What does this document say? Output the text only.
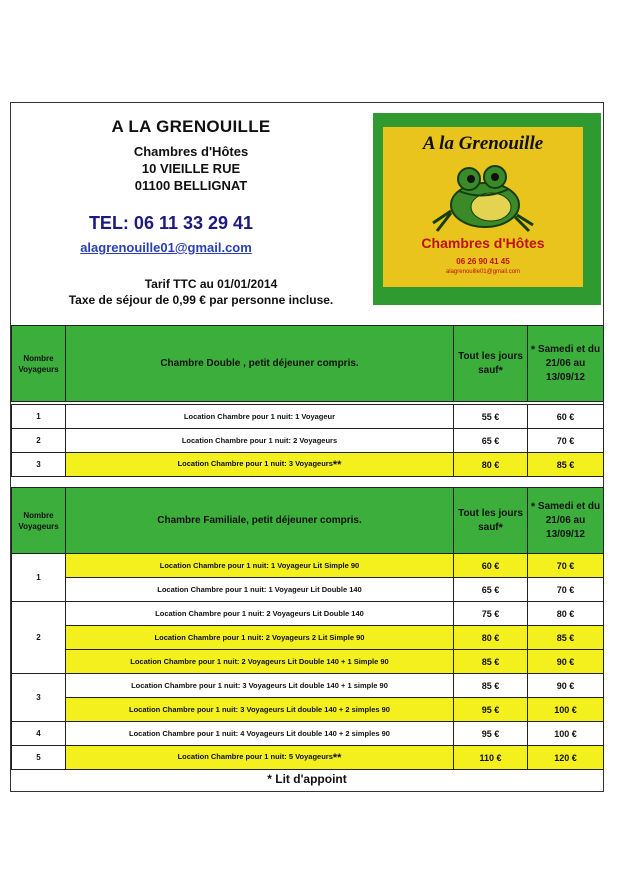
A LA GRENOUILLE
Chambres d'Hôtes
10 VIEILLE RUE
01100 BELLIGNAT
TEL: 06 11 33 29 41
alagrenouille01@gmail.com
Tarif TTC au 01/01/2014
Taxe de séjour de 0,99 € par personne incluse.
A la Grenouille
Chambres d'Hôtes
06 26 90 41 45
alagrenouille01@gmail.com
Nombre Voyageurs	Chambre Double , petit déjeuner compris.	Tout les jours sauf*	* Samedi et du 21/06 au 13/09/12

1	Location Chambre pour 1 nuit: 1 Voyageur	55 €	60 €
2	Location Chambre pour 1 nuit: 2 Voyageurs	65 €	70 €
3	Location Chambre pour 1 nuit: 3 Voyageurs**	80 €	85 €
Nombre Voyageurs	Chambre Familiale, petit déjeuner compris.	Tout les jours sauf*	* Samedi et du 21/06 au 13/09/12
1	Location Chambre pour 1 nuit: 1 Voyageur Lit Simple 90	60 €	70 €
	Location Chambre pour 1 nuit: 1 Voyageur Lit Double 140	65 €	70 €
2	Location Chambre pour 1 nuit: 2 Voyageurs Lit Double 140	75 €	80 €
	Location Chambre pour 1 nuit: 2 Voyageurs 2 Lit Simple 90	80 €	85 €
	Location Chambre pour 1 nuit: 2 Voyageurs Lit Double 140 + 1 Simple 90	85 €	90 €
3	Location Chambre pour 1 nuit: 3 Voyageurs Lit double 140 + 1 simple 90	85 €	90 €
	Location Chambre pour 1 nuit: 3 Voyageurs Lit double 140 + 2 simples 90	95 €	100 €
4	Location Chambre pour 1 nuit: 4 Voyageurs Lit double 140 + 2 simples 90	95 €	100 €
5	Location Chambre pour 1 nuit: 5 Voyageurs**	110 €	120 €
* Lit d'appoint
